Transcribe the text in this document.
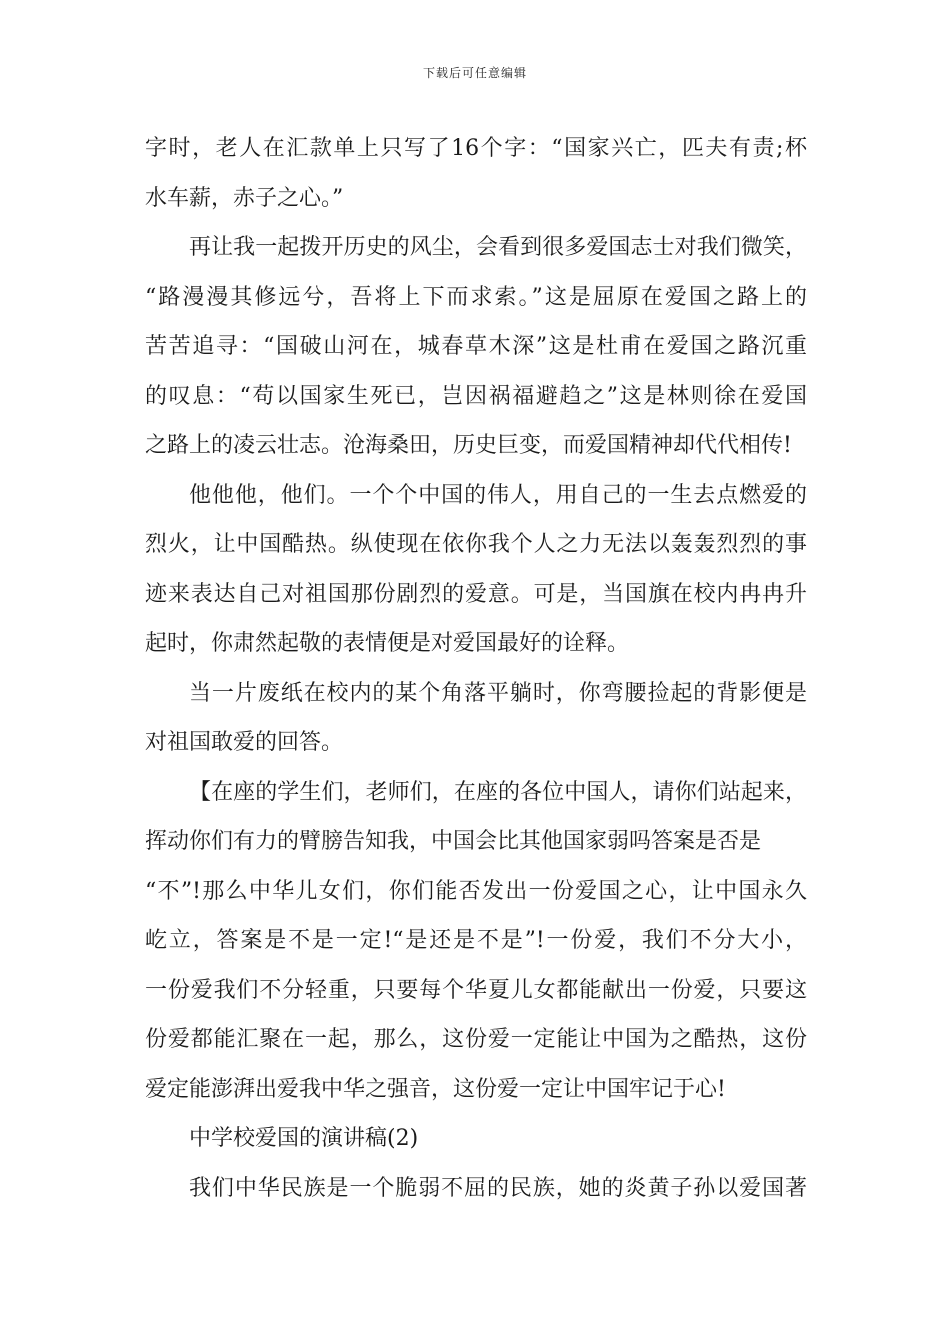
下载后可任意编辑
字时，老人在汇款单上只写了16个字：“国家兴亡，匹夫有责;杯
水车薪，赤子之心。”
再让我一起拨开历史的风尘，会看到很多爱国志士对我们微笑，
“路漫漫其修远兮，吾将上下而求索。”这是屈原在爱国之路上的
苦苦追寻：“国破山河在，城春草木深”这是杜甫在爱国之路沉重
的叹息：“苟以国家生死已，岂因祸福避趋之”这是林则徐在爱国
之路上的凌云壮志。沧海桑田，历史巨变，而爱国精神却代代相传!
他他他，他们。一个个中国的伟人，用自己的一生去点燃爱的
烈火，让中国酷热。纵使现在依你我个人之力无法以轰轰烈烈的事
迹来表达自己对祖国那份剧烈的爱意。可是，当国旗在校内冉冉升
起时，你肃然起敬的表情便是对爱国最好的诠释。
当一片废纸在校内的某个角落平躺时，你弯腰捡起的背影便是
对祖国敢爱的回答。
【在座的学生们，老师们，在座的各位中国人，请你们站起来，
挥动你们有力的臂膀告知我，中国会比其他国家弱吗答案是否是
“不”!那么中华儿女们，你们能否发出一份爱国之心，让中国永久
屹立，答案是不是一定!“是还是不是”!一份爱，我们不分大小，
一份爱我们不分轻重，只要每个华夏儿女都能献出一份爱，只要这
份爱都能汇聚在一起，那么，这份爱一定能让中国为之酷热，这份
爱定能澎湃出爱我中华之强音，这份爱一定让中国牢记于心!
中学校爱国的演讲稿(2)
我们中华民族是一个脆弱不屈的民族，她的炎黄子孙以爱国著
